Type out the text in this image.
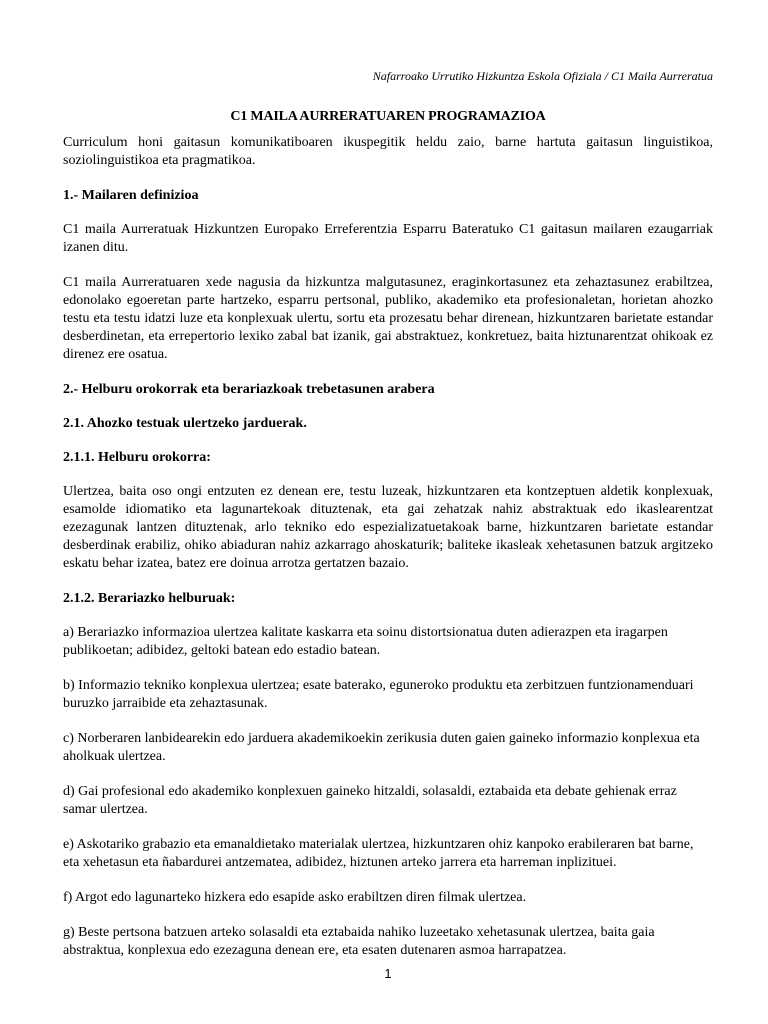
Nafarroako Urrutiko Hizkuntza Eskola Ofiziala / C1 Maila Aurreratua
C1 MAILA AURRERATUAREN PROGRAMAZIOA

Curriculum honi gaitasun komunikatiboaren ikuspegitik heldu zaio, barne hartuta gaitasun linguistikoa, soziolinguistikoa eta pragmatikoa.

1.- Mailaren definizioa

C1 maila Aurreratuak Hizkuntzen Europako Erreferentzia Esparru Bateratuko C1 gaitasun mailaren ezaugarriak izanen ditu.

C1 maila Aurreratuaren xede nagusia da hizkuntza malgutasunez, eraginkortasunez eta zehaztasunez erabiltzea, edonolako egoeretan parte hartzeko, esparru pertsonal, publiko, akademiko eta profesionaletan, horietan ahozko testu eta testu idatzi luze eta konplexuak ulertu, sortu eta prozesatu behar direnean, hizkuntzaren barietate estandar desberdinetan, eta errepertorio lexiko zabal bat izanik, gai abstraktuez, konkretuez, baita hiztunarentzat ohikoak ez direnez ere osatua.

2.- Helburu orokorrak eta berariazkoak trebetasunen arabera

2.1. Ahozko testuak ulertzeko jarduerak.

2.1.1. Helburu orokorra:

Ulertzea, baita oso ongi entzuten ez denean ere, testu luzeak, hizkuntzaren eta kontzeptuen aldetik konplexuak, esamolde idiomatiko eta lagunartekoak dituztenak, eta gai zehatzak nahiz abstraktuak edo ikaslearentzat ezezagunak lantzen dituztenak, arlo tekniko edo espezializatuetakoak barne, hizkuntzaren barietate estandar desberdinak erabiliz, ohiko abiaduran nahiz azkarrago ahoskaturik; baliteke ikasleak xehetasunen batzuk argitzeko eskatu behar izatea, batez ere doinua arrotza gertatzen bazaio.

2.1.2. Berariazko helburuak:

a) Berariazko informazioa ulertzea kalitate kaskarra eta soinu distortsionatua duten adierazpen eta iragarpen publikoetan; adibidez, geltoki batean edo estadio batean.

b) Informazio tekniko konplexua ulertzea; esate baterako, eguneroko produktu eta zerbitzuen funtzionamenduari buruzko jarraibide eta zehaztasunak.

c) Norberaren lanbidearekin edo jarduera akademikoekin zerikusia duten gaien gaineko informazio konplexua eta aholkuak ulertzea.

d) Gai profesional edo akademiko konplexuen gaineko hitzaldi, solasaldi, eztabaida eta debate gehienak erraz samar ulertzea.

e) Askotariko grabazio eta emanaldietako materialak ulertzea, hizkuntzaren ohiz kanpoko erabileraren bat barne, eta xehetasun eta ñabardurei antzematea, adibidez, hiztunen arteko jarrera eta harreman inplizituei.

f) Argot edo lagunarteko hizkera edo esapide asko erabiltzen diren filmak ulertzea.

g) Beste pertsona batzuen arteko solasaldi eta eztabaida nahiko luzeetako xehetasunak ulertzea, baita gaia abstraktua, konplexua edo ezezaguna denean ere, eta esaten dutenaren asmoa harrapatzea.

1
